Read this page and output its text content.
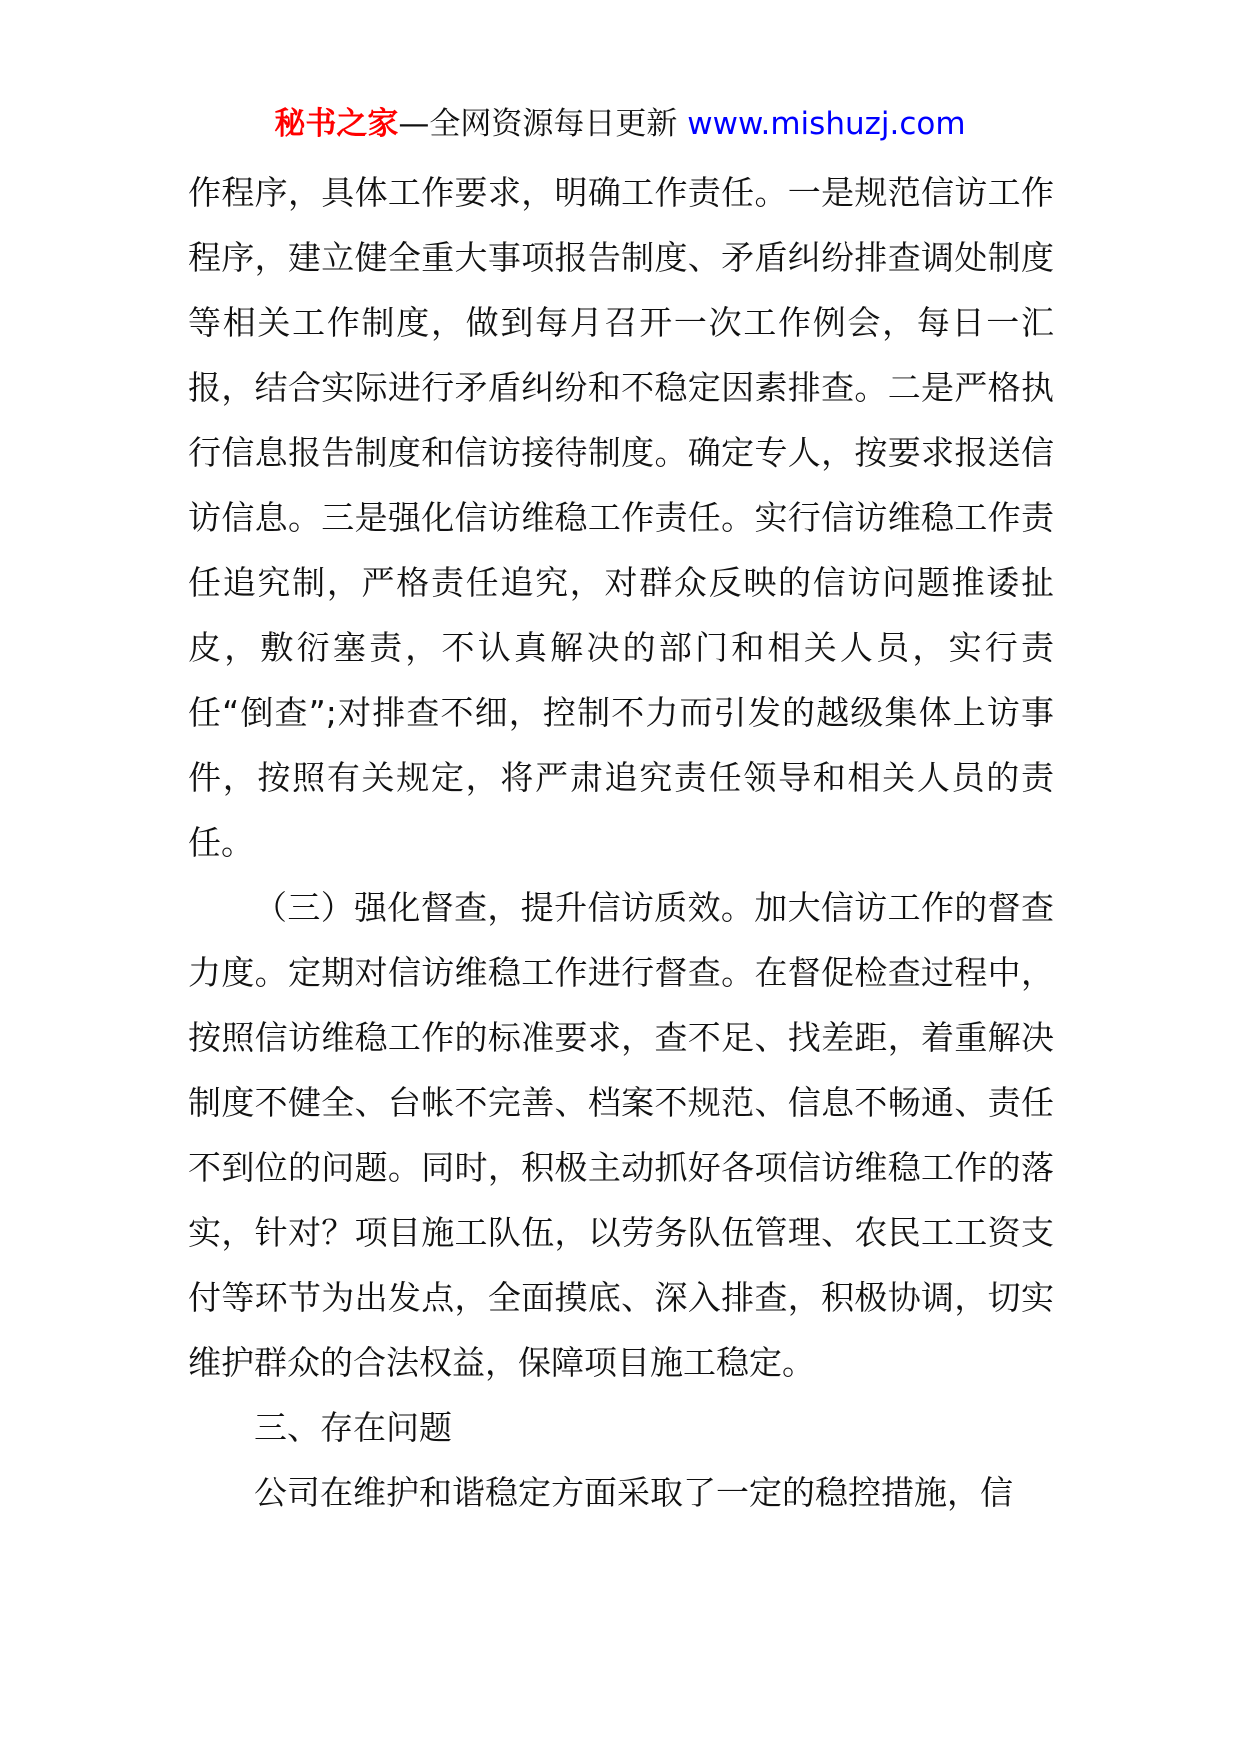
秘书之家—全网资源每日更新 www.mishuzj.com

作程序，具体工作要求，明确工作责任。一是规范信访工作程序，建立健全重大事项报告制度、矛盾纠纷排查调处制度等相关工作制度，做到每月召开一次工作例会，每日一汇报，结合实际进行矛盾纠纷和不稳定因素排查。二是严格执行信息报告制度和信访接待制度。确定专人，按要求报送信访信息。三是强化信访维稳工作责任。实行信访维稳工作责任追究制，严格责任追究，对群众反映的信访问题推诿扯皮，敷衍塞责，不认真解决的部门和相关人员，实行责任“倒查”;对排查不细，控制不力而引发的越级集体上访事件，按照有关规定，将严肃追究责任领导和相关人员的责任。

（三）强化督查，提升信访质效。加大信访工作的督查力度。定期对信访维稳工作进行督查。在督促检查过程中，按照信访维稳工作的标准要求，查不足、找差距，着重解决制度不健全、台帐不完善、档案不规范、信息不畅通、责任不到位的问题。同时，积极主动抓好各项信访维稳工作的落实，针对？项目施工队伍，以劳务队伍管理、农民工工资支付等环节为出发点，全面摸底、深入排查，积极协调，切实维护群众的合法权益，保障项目施工稳定。

三、存在问题

公司在维护和谐稳定方面采取了一定的稳控措施，信
